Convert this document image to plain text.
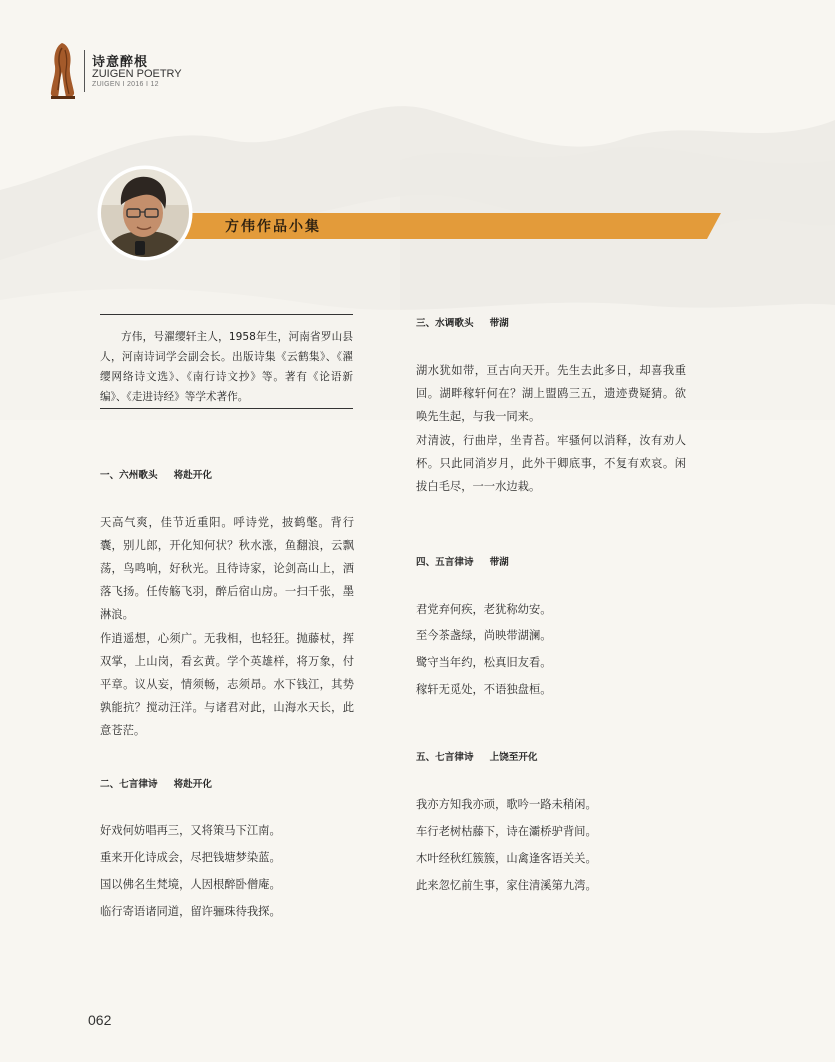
诗意醉根
ZUIGEN POETRY
ZUIGEN I 2016 I 12
方伟作品小集
方伟，号濯缨轩主人，1958年生，河南省罗山县人，河南诗词学会副会长。出版诗集《云鹤集》、《濯缨网络诗文选》、《南行诗文抄》等。著有《论语新编》、《走进诗经》等学术著作。
一、六州歌头 将赴开化
天高气爽，佳节近重阳。呼诗党，披鹤氅。背行囊，别儿郎，开化知何状？秋水涨，鱼翻浪，云飘荡，鸟鸣响，好秋光。且待诗家，论剑高山上，酒落飞扬。任传觞飞羽，醉后宿山房。一扫千张，墨淋浪。
作逍遥想，心须广。无我相，也轻狂。抛藤杖，挥双掌，上山岗，看玄黄。学个英雄样，将万象，付平章。议从妄，情须畅，志须昂。水下钱江，其势孰能抗？搅动汪洋。与诸君对此，山海水天长，此意苍茫。
二、七言律诗 将赴开化
好戏何妨唱再三，又将策马下江南。
重来开化诗成会，尽把钱塘梦染蓝。
国以佛名生梵境，人因根醉卧僧庵。
临行寄语诸同道，留许骊珠待我探。
三、水调歌头 带湖
湖水犹如带，亘古向天开。先生去此多日，却喜我重回。湖畔稼轩何在？湖上盟鸥三五，遗迹费疑猜。欲唤先生起，与我一同来。
对清波，行曲岸，坐青苔。牢骚何以消释，汝有劝人杯。只此同消岁月，此外干卿底事，不复有欢哀。闲拔白毛尽，一一水边栽。
四、五言律诗 带湖
君党弃何疾，老犹称幼安。
至今茶盏绿，尚映带湖澜。
鹭守当年约，松真旧友看。
稼轩无觅处，不语独盘桓。
五、七言律诗 上饶至开化
我亦方知我亦顽，歌吟一路未稍闲。
车行老树枯藤下，诗在灞桥驴背间。
木叶经秋红簇簇，山禽逢客语关关。
此来忽忆前生事，家住清溪第九湾。
062
